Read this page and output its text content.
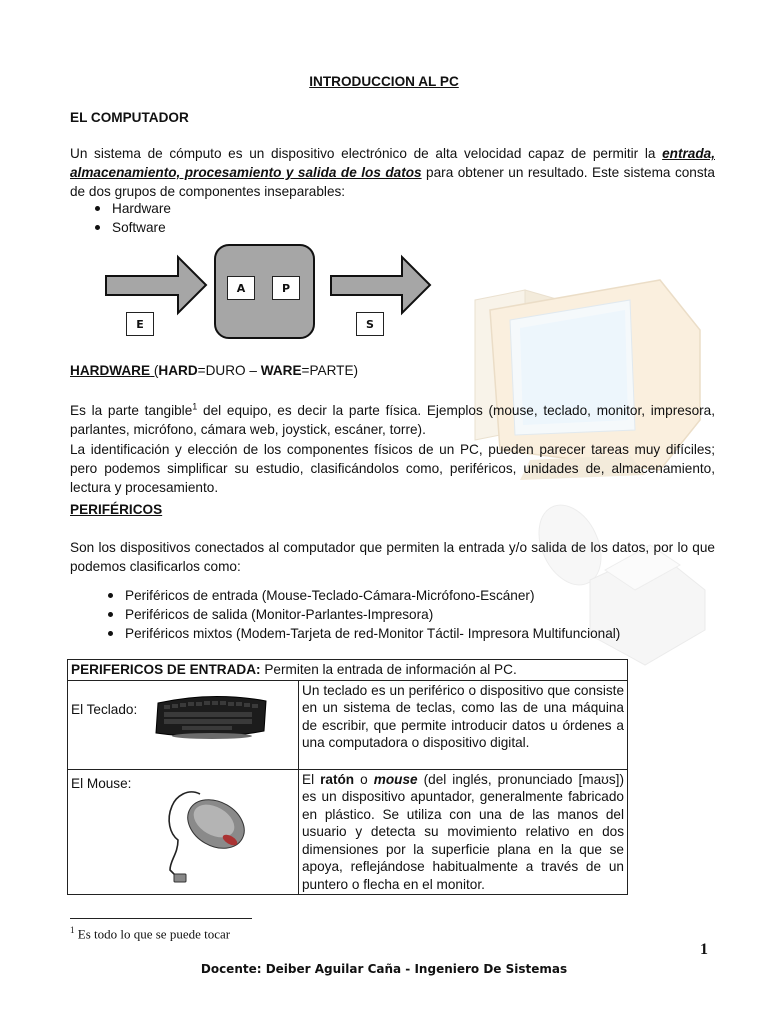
INTRODUCCION AL PC
EL COMPUTADOR
Un sistema de cómputo es un dispositivo electrónico de alta velocidad capaz de permitir la entrada, almacenamiento, procesamiento y salida de los datos para obtener un resultado. Este sistema consta de dos grupos de componentes inseparables:
Hardware
Software
E
A	P
S
HARDWARE (HARD=DURO – WARE=PARTE)
Es la parte tangible$^1$ del equipo, es decir la parte física. Ejemplos (mouse, teclado, monitor, impresora, parlantes, micrófono, cámara web, joystick, escáner, torre).
La identificación y elección de los componentes físicos de un PC, pueden parecer tareas muy difíciles; pero podemos simplificar su estudio, clasificándolos como, periféricos, unidades de, almacenamiento, lectura y procesamiento.
PERIFÉRICOS
Son los dispositivos conectados al computador que permiten la entrada y/o salida de los datos, por lo que podemos clasificarlos como:
Periféricos de entrada (Mouse-Teclado-Cámara-Micrófono-Escáner)
Periféricos de salida (Monitor-Parlantes-Impresora)
Periféricos mixtos (Modem-Tarjeta de red-Monitor Táctil- Impresora Multifuncional)
PERIFERICOS DE ENTRADA: Permiten la entrada de información al PC.	

El Teclado:	Un teclado es un periférico o dispositivo que consiste en un sistema de teclas, como las de una máquina de escribir, que permite introducir datos u órdenes a una computadora o dispositivo digital.

El Mouse:	El ratón o mouse (del inglés, pronunciado [maʊs]) es un dispositivo apuntador, generalmente fabricado en plástico. Se utiliza con una de las manos del usuario y detecta su movimiento relativo en dos dimensiones por la superficie plana en la que se apoya, reflejándose habitualmente a través de un puntero o flecha en el monitor.
$^1$ Es todo lo que se puede tocar
1
Docente: Deiber Aguilar Caña - Ingeniero De Sistemas
